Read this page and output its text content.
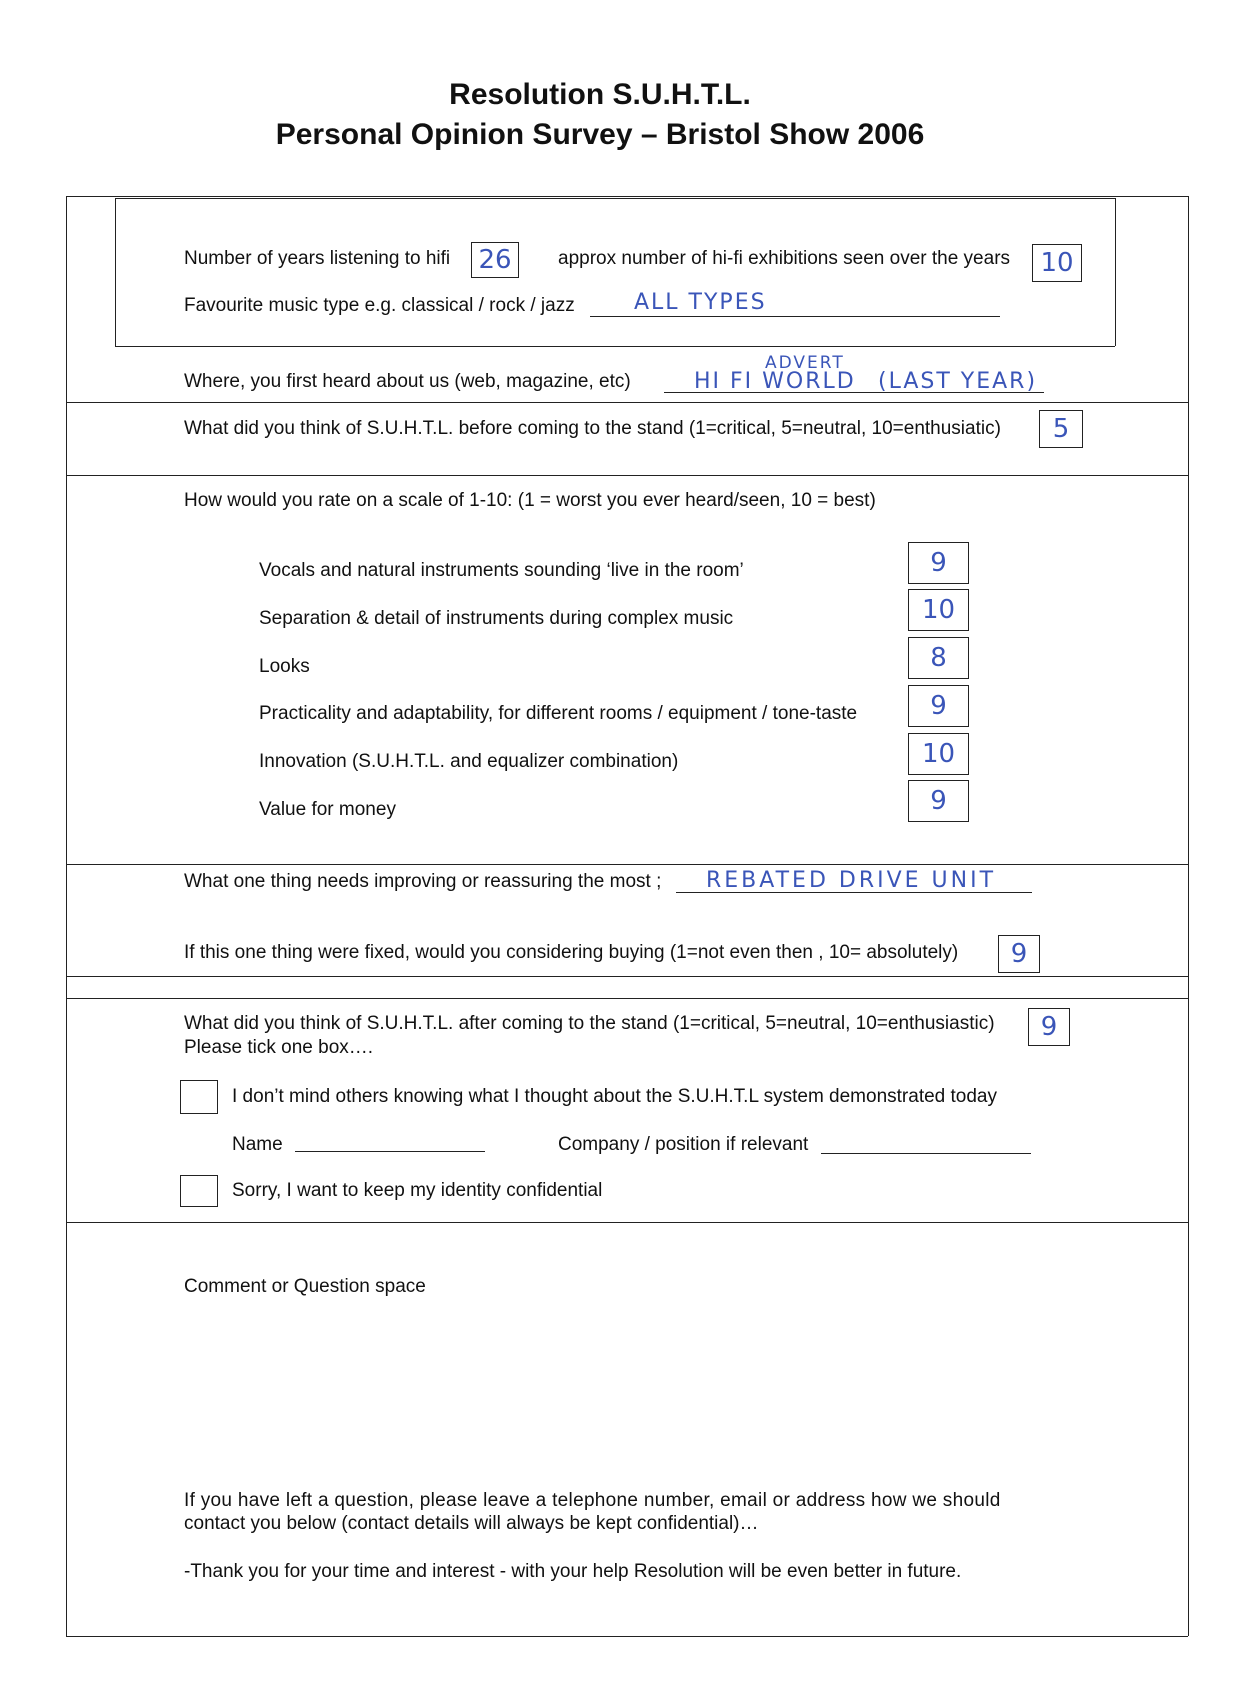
Resolution S.U.H.T.L.
Personal Opinion Survey – Bristol Show 2006
Number of years listening to hifi 26	approx number of hi-fi exhibitions seen over the years	10
Favourite music type e.g. classical / rock / jazz	ALL TYPES
Where, you first heard about us (web, magazine, etc)
ADVERT
HI FI WORLD (LAST YEAR)
What did you think of S.U.H.T.L. before coming to the stand (1=critical, 5=neutral, 10=enthusiatic)	5
How would you rate on a scale of 1-10: (1 = worst you ever heard/seen, 10 = best)
Vocals and natural instruments sounding ‘live in the room’	9
Separation & detail of instruments during complex music	10
Looks	8
Practicality and adaptability, for different rooms / equipment / tone-taste	9
Innovation (S.U.H.T.L. and equalizer combination)	10
Value for money	9
What one thing needs improving or reassuring the most ; REBATED DRIVE UNIT
If this one thing were fixed, would you considering buying (1=not even then , 10= absolutely)	9
What did you think of S.U.H.T.L. after coming to the stand (1=critical, 5=neutral, 10=enthusiastic)	9
Please tick one box….
I don’t mind others knowing what I thought about the S.U.H.T.L system demonstrated today
Name	Company / position if relevant
Sorry, I want to keep my identity confidential
Comment or Question space
If you have left a question, please leave a telephone number, email or address how we should
contact you below (contact details will always be kept confidential)…
-Thank you for your time and interest - with your help Resolution will be even better in future.
